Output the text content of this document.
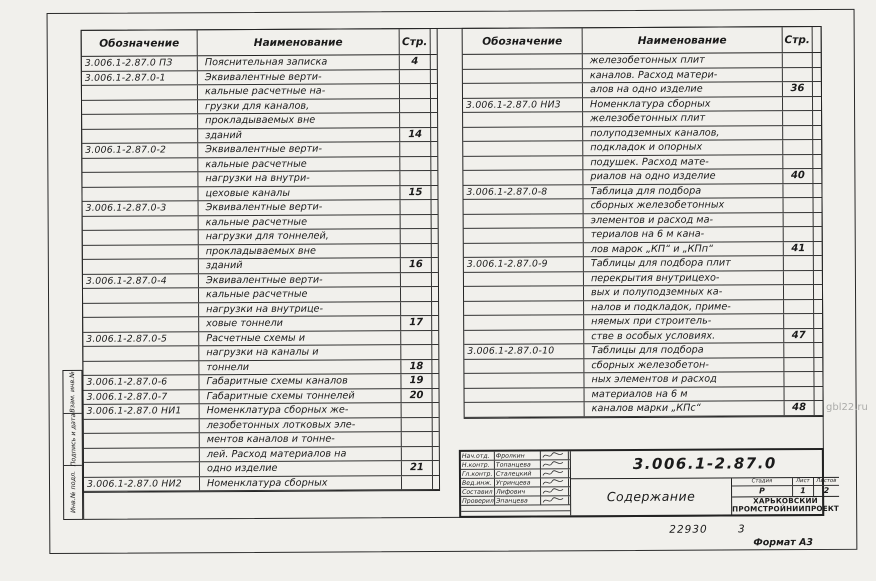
Обозначение	Наименование	Стр.
3.006.1-2.87.0 ПЗ	Пояснительная записка	4
3.006.1-2.87.0-1	Эквивалентные верти-
кальные расчетные на-
грузки для каналов,
прокладываемых вне
зданий	14
3.006.1-2.87.0-2	Эквивалентные верти-
кальные расчетные
нагрузки на внутри-
цеховые каналы	15
3.006.1-2.87.0-3	Эквивалентные верти-
кальные расчетные
нагрузки для тоннелей,
прокладываемых вне
зданий	16
3.006.1-2.87.0-4	Эквивалентные верти-
кальные расчетные
нагрузки на внутрице-
ховые тоннели	17
3.006.1-2.87.0-5	Расчетные схемы и
нагрузки на каналы и
тоннели	18
3.006.1-2.87.0-6	Габаритные схемы каналов	19
3.006.1-2.87.0-7	Габаритные схемы тоннелей	20
3.006.1-2.87.0 НИ1	Номенклатура сборных же-
лезобетонных лотковых эле-
ментов каналов и тонне-
лей. Расход материалов на
одно изделие	21
3.006.1-2.87.0 НИ2	Номенклатура сборных
Обозначение	Наименование	Стр.
железобетонных плит
каналов. Расход матери-
алов на одно изделие	36
3.006.1-2.87.0 НИ3	Номенклатура сборных
железобетонных плит
полуподземных каналов,
подкладок и опорных
подушек. Расход мате-
риалов на одно изделие	40
3.006.1-2.87.0-8	Таблица для подбора
сборных железобетонных
элементов и расход ма-
териалов на 6 м кана-
лов марок „КП“ и „КПп“	41
3.006.1-2.87.0-9	Таблицы для подбора плит
перекрытия внутрицехо-
вых и полуподземных ка-
налов и подкладок, приме-
няемых при строитель-
стве в особых условиях.	47
3.006.1-2.87.0-10	Таблицы для подбора
сборных железобетон-
ных элементов и расход
материалов на 6 м
каналов марки „КПс“	48
Взам. инв.№
Подпись и дата
Инв.№ подл.
Нач.отд.	Фролкин
Н.контр.	Топанцева
Гл.контр. Сталецкий
Вед.инж. Угринцева
Составил Лифович
Проверил Эпанцева
3.006.1-2.87.0
Содержание
Стадия	Лист	Листов
Р	1	2
ХАРЬКОВСКИЙ
ПРОМСТРОЙНИИПРОЕКТ
22930	3
Формат А3
gbl22.ru
